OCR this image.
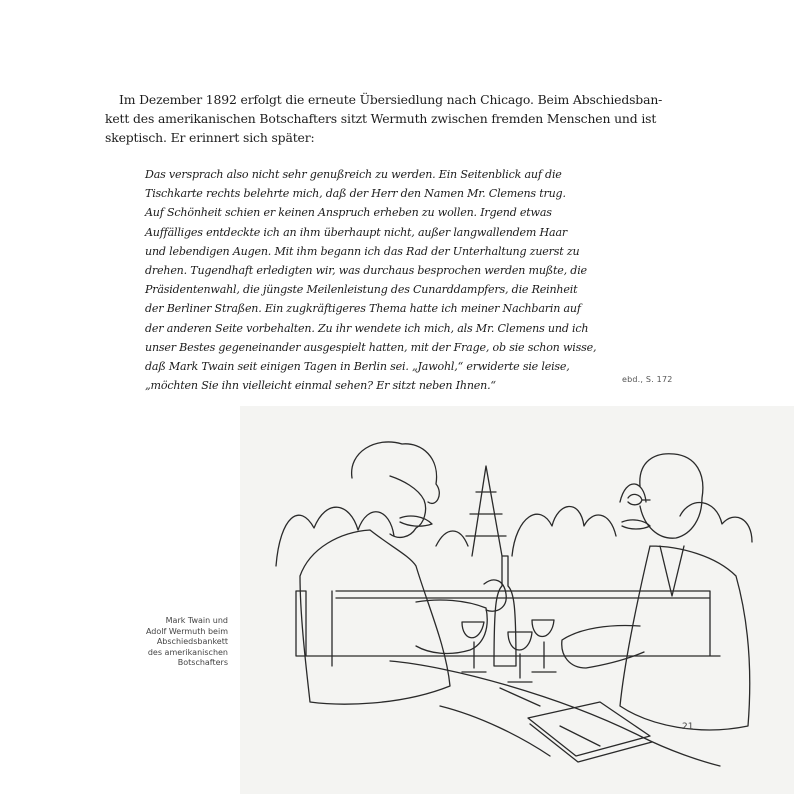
Im Dezember 1892 erfolgt die erneute Übersiedlung nach Chicago. Beim Abschiedsban-
kett des amerikanischen Botschafters sitzt Wermuth zwischen fremden Menschen und ist
skeptisch. Er erinnert sich später:
Das versprach also nicht sehr genußreich zu werden. Ein Seitenblick auf die
Tischkarte rechts belehrte mich, daß der Herr den Namen Mr. Clemens trug.
Auf Schönheit schien er keinen Anspruch erheben zu wollen. Irgend etwas
Auffälliges entdeckte ich an ihm überhaupt nicht, außer langwallendem Haar
und lebendigen Augen. Mit ihm begann ich das Rad der Unterhaltung zuerst zu
drehen. Tugendhaft erledigten wir, was durchaus besprochen werden mußte, die
Präsidentenwahl, die jüngste Meilenleistung des Cunarddampfers, die Reinheit
der Berliner Straßen. Ein zugkräftigeres Thema hatte ich meiner Nachbarin auf
der anderen Seite vorbehalten. Zu ihr wendete ich mich, als Mr. Clemens und ich
unser Bestes gegeneinander ausgespielt hatten, mit der Frage, ob sie schon wisse,
daß Mark Twain seit einigen Tagen in Berlin sei. „Jawohl,“ erwiderte sie leise,
„möchten Sie ihn vielleicht einmal sehen? Er sitzt neben Ihnen.“	ebd., S. 172
Mark Twain und
Adolf Wermuth beim
Abschiedsbankett
des amerikanischen
Botschafters
21
